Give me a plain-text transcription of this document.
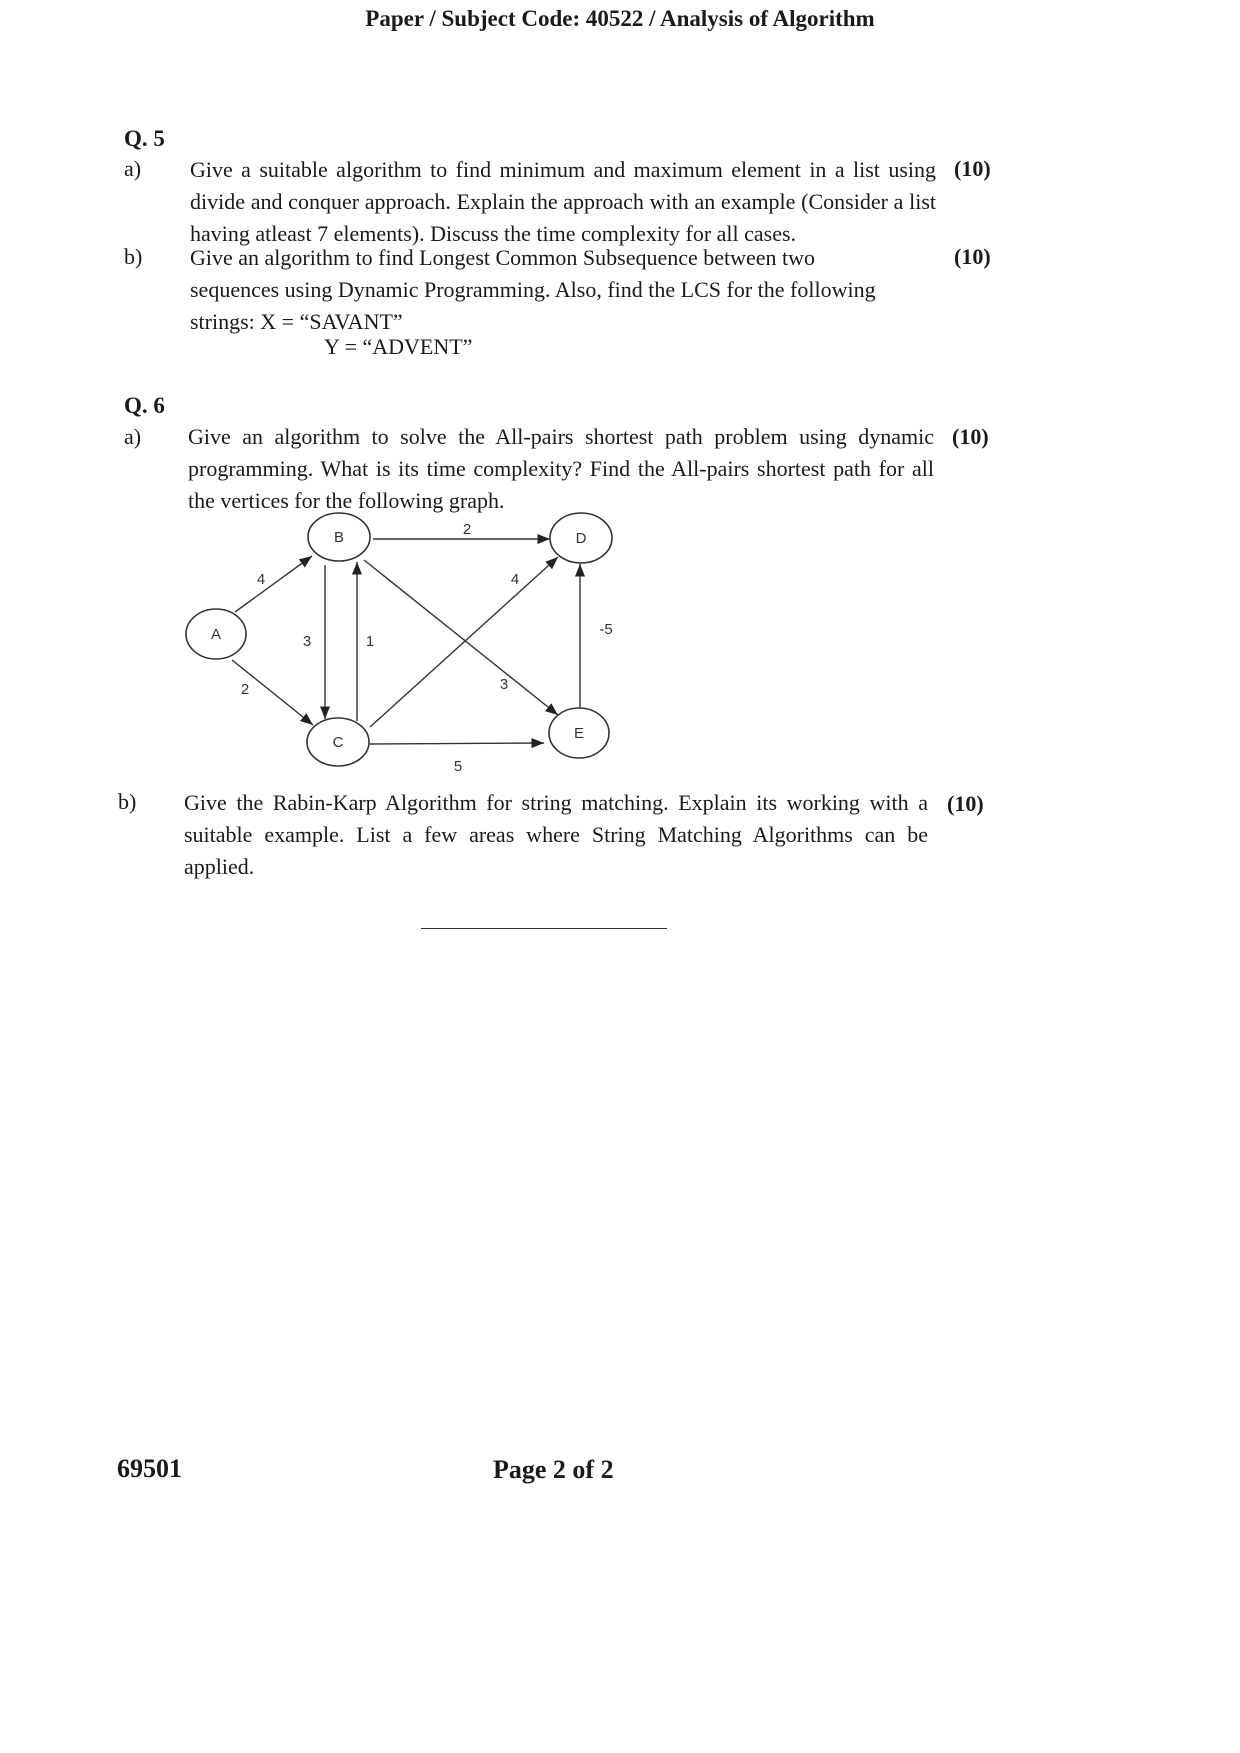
Paper / Subject Code: 40522 / Analysis of Algorithm
Q. 5
a) Give a suitable algorithm to find minimum and maximum element in a list using divide and conquer approach. Explain the approach with an example (Consider a list having atleast 7 elements). Discuss the time complexity for all cases.
(10)
b) Give an algorithm to find Longest Common Subsequence between two sequences using Dynamic Programming. Also, find the LCS for the following strings: X = “SAVANT”
(10)
Y = “ADVENT”
Q. 6
a) Give an algorithm to solve the All-pairs shortest path problem using dynamic programming. What is its time complexity? Find the All-pairs shortest path for all the vertices for the following graph.
(10)
A
B
C
D
E
4
2
3	1
2
4
3
5
-5
b) Give the Rabin-Karp Algorithm for string matching. Explain its working with a suitable example. List a few areas where String Matching Algorithms can be applied.
(10)
69501	Page 2 of 2
